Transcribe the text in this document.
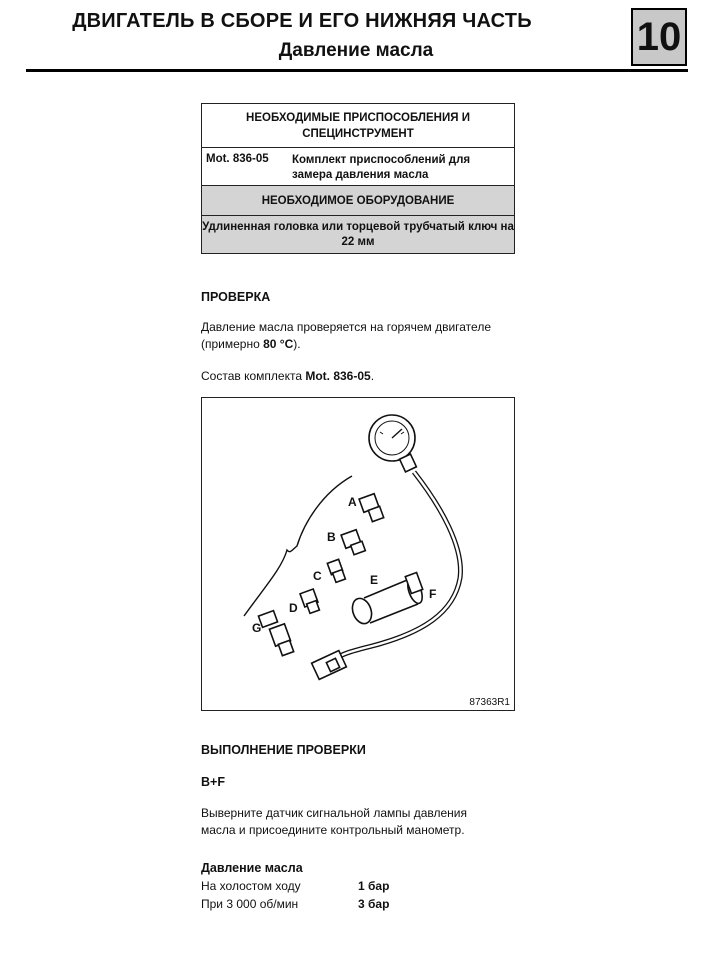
ДВИГАТЕЛЬ В СБОРЕ И ЕГО НИЖНЯЯ ЧАСТЬ
Давление масла	10
НЕОБХОДИМЫЕ ПРИСПОСОБЛЕНИЯ И СПЕЦИНСТРУМЕНТ
Mot. 836-05 Комплект приспособлений для замера давления масла
НЕОБХОДИМОЕ ОБОРУДОВАНИЕ
Удлиненная головка или торцевой трубчатый ключ на 22 мм
ПРОВЕРКА
Давление масла проверяется на горячем двигателе (примерно 80 °C).
Состав комплекта Mot. 836-05.
A
B
C
D
E
F
G
87363R1
ВЫПОЛНЕНИЕ ПРОВЕРКИ
B+F
Выверните датчик сигнальной лампы давления масла и присоедините контрольный манометр.
Давление масла
На холостом ходу	1 бар
При 3 000 об/мин	3 бар
